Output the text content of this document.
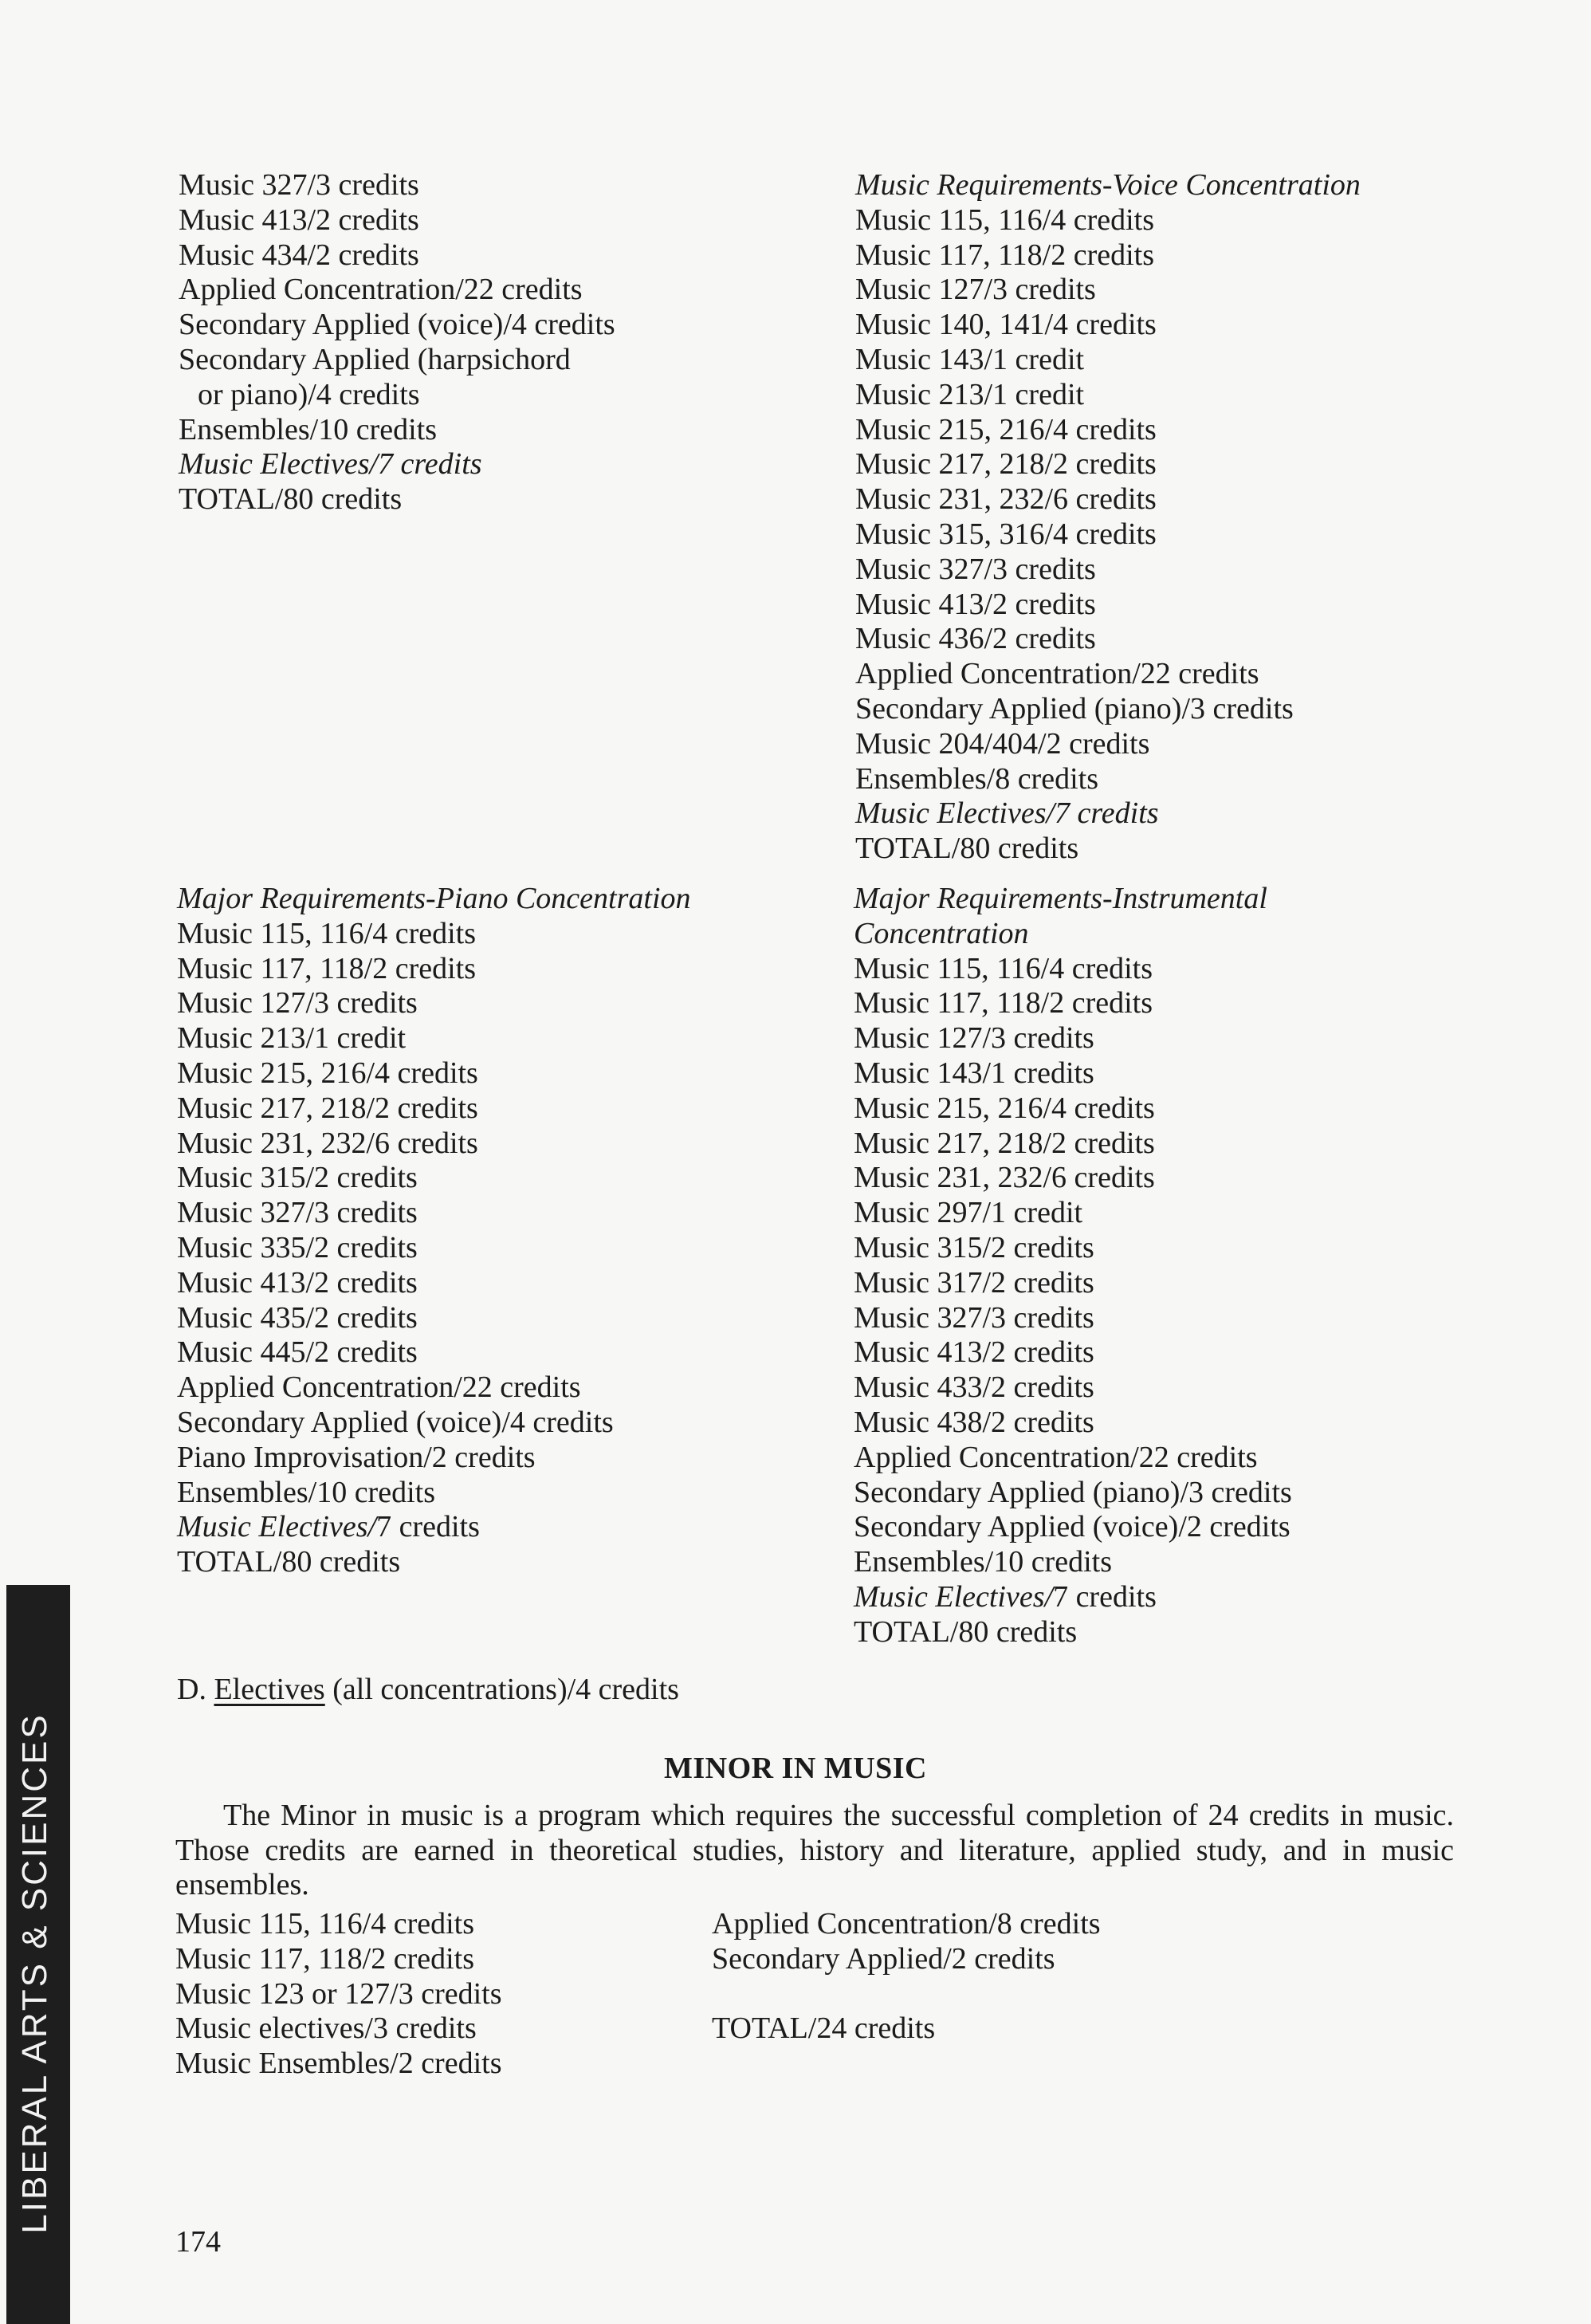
Music 327/3 credits
Music 413/2 credits
Music 434/2 credits
Applied Concentration/22 credits
Secondary Applied (voice)/4 credits
Secondary Applied (harpsichord
or piano)/4 credits
Ensembles/10 credits
Music Electives/7 credits
TOTAL/80 credits
Music Requirements-Voice Concentration
Music 115, 116/4 credits
Music 117, 118/2 credits
Music 127/3 credits
Music 140, 141/4 credits
Music 143/1 credit
Music 213/1 credit
Music 215, 216/4 credits
Music 217, 218/2 credits
Music 231, 232/6 credits
Music 315, 316/4 credits
Music 327/3 credits
Music 413/2 credits
Music 436/2 credits
Applied Concentration/22 credits
Secondary Applied (piano)/3 credits
Music 204/404/2 credits
Ensembles/8 credits
Music Electives/7 credits
TOTAL/80 credits
Major Requirements-Piano Concentration
Music 115, 116/4 credits
Music 117, 118/2 credits
Music 127/3 credits
Music 213/1 credit
Music 215, 216/4 credits
Music 217, 218/2 credits
Music 231, 232/6 credits
Music 315/2 credits
Music 327/3 credits
Music 335/2 credits
Music 413/2 credits
Music 435/2 credits
Music 445/2 credits
Applied Concentration/22 credits
Secondary Applied (voice)/4 credits
Piano Improvisation/2 credits
Ensembles/10 credits
Music Electives/7 credits
TOTAL/80 credits
Major Requirements-Instrumental
Concentration
Music 115, 116/4 credits
Music 117, 118/2 credits
Music 127/3 credits
Music 143/1 credits
Music 215, 216/4 credits
Music 217, 218/2 credits
Music 231, 232/6 credits
Music 297/1 credit
Music 315/2 credits
Music 317/2 credits
Music 327/3 credits
Music 413/2 credits
Music 433/2 credits
Music 438/2 credits
Applied Concentration/22 credits
Secondary Applied (piano)/3 credits
Secondary Applied (voice)/2 credits
Ensembles/10 credits
Music Electives/7 credits
TOTAL/80 credits
D. Electives (all concentrations)/4 credits
MINOR IN MUSIC
The Minor in music is a program which requires the successful completion of 24 credits in music. Those credits are earned in theoretical studies, history and literature, applied study, and in music ensembles.
Music 115, 116/4 credits
Music 117, 118/2 credits
Music 123 or 127/3 credits
Music electives/3 credits
Music Ensembles/2 credits
Applied Concentration/8 credits
Secondary Applied/2 credits

TOTAL/24 credits
174
LIBERAL ARTS & SCIENCES
